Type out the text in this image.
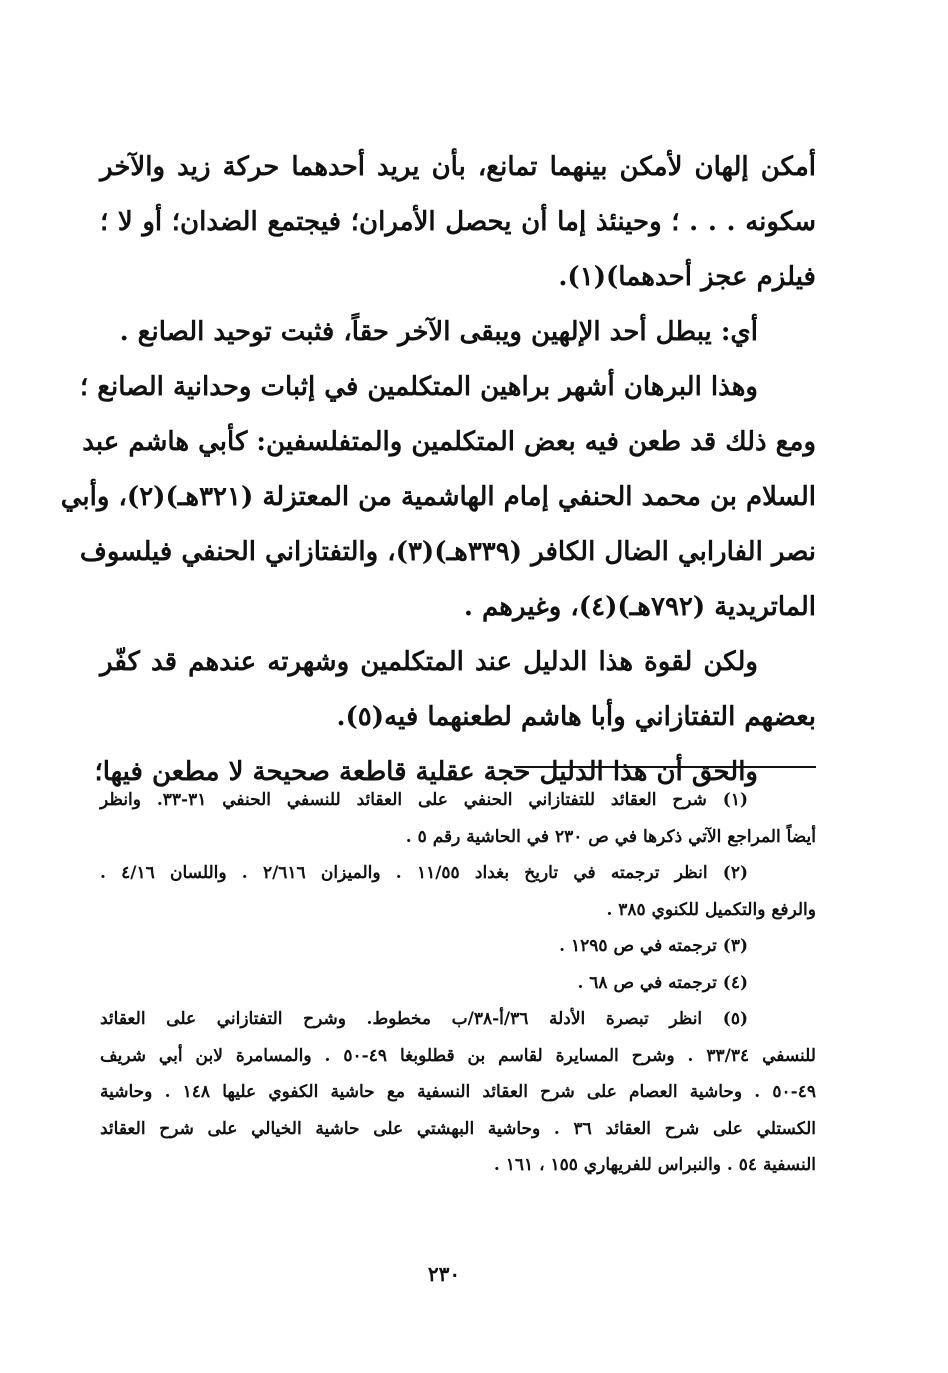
أمكن إلهان لأمكن بينهما تمانع، بأن يريد أحدهما حركة زيد والآخر
سكونه . . . ؛ وحينئذ إما أن يحصل الأمران؛ فيجتمع الضدان؛ أو لا ؛
فيلزم عجز أحدهما)(١).
أي: يبطل أحد الإلهين ويبقى الآخر حقاً، فثبت توحيد الصانع .
وهذا البرهان أشهر براهين المتكلمين في إثبات وحدانية الصانع ؛
ومع ذلك قد طعن فيه بعض المتكلمين والمتفلسفين: كأبي هاشم عبد
السلام بن محمد الحنفي إمام الهاشمية من المعتزلة (٣٢١هـ)(٢)، وأبي
نصر الفارابي الضال الكافر (٣٣٩هـ)(٣)، والتفتازاني الحنفي فيلسوف
الماتريدية (٧٩٢هـ)(٤)، وغيرهم .
ولكن لقوة هذا الدليل عند المتكلمين وشهرته عندهم قد كفّر
بعضهم التفتازاني وأبا هاشم لطعنهما فيه(٥).
والحق أن هذا الدليل حجة عقلية قاطعة صحيحة لا مطعن فيها؛
(١) شرح العقائد للتفتازاني الحنفي على العقائد للنسفي الحنفي ٣١-٣٣. وانظر
أيضاً المراجع الآتي ذكرها في ص ٢٣٠ في الحاشية رقم ٥ .
(٢) انظر ترجمته في تاريخ بغداد ١١/٥٥ . والميزان ٢/٦١٦ . واللسان ٤/١٦ .
والرفع والتكميل للكنوي ٣٨٥ .
(٣) ترجمته في ص ١٢٩٥ .
(٤) ترجمته في ص ٦٨ .
(٥) انظر تبصرة الأدلة ٣٦/أ-٣٨/ب مخطوط. وشرح التفتازاني على العقائد
للنسفي ٣٣/٣٤ . وشرح المسايرة لقاسم بن قطلوبغا ٤٩-٥٠ . والمسامرة لابن أبي شريف
٤٩-٥٠ . وحاشية العصام على شرح العقائد النسفية مع حاشية الكفوي عليها ١٤٨ . وحاشية
الكستلي على شرح العقائد ٣٦ . وحاشية البهشتي على حاشية الخيالي على شرح العقائد
النسفية ٥٤ . والنبراس للفريهاري ١٥٥ ، ١٦١ .
٢٣٠
